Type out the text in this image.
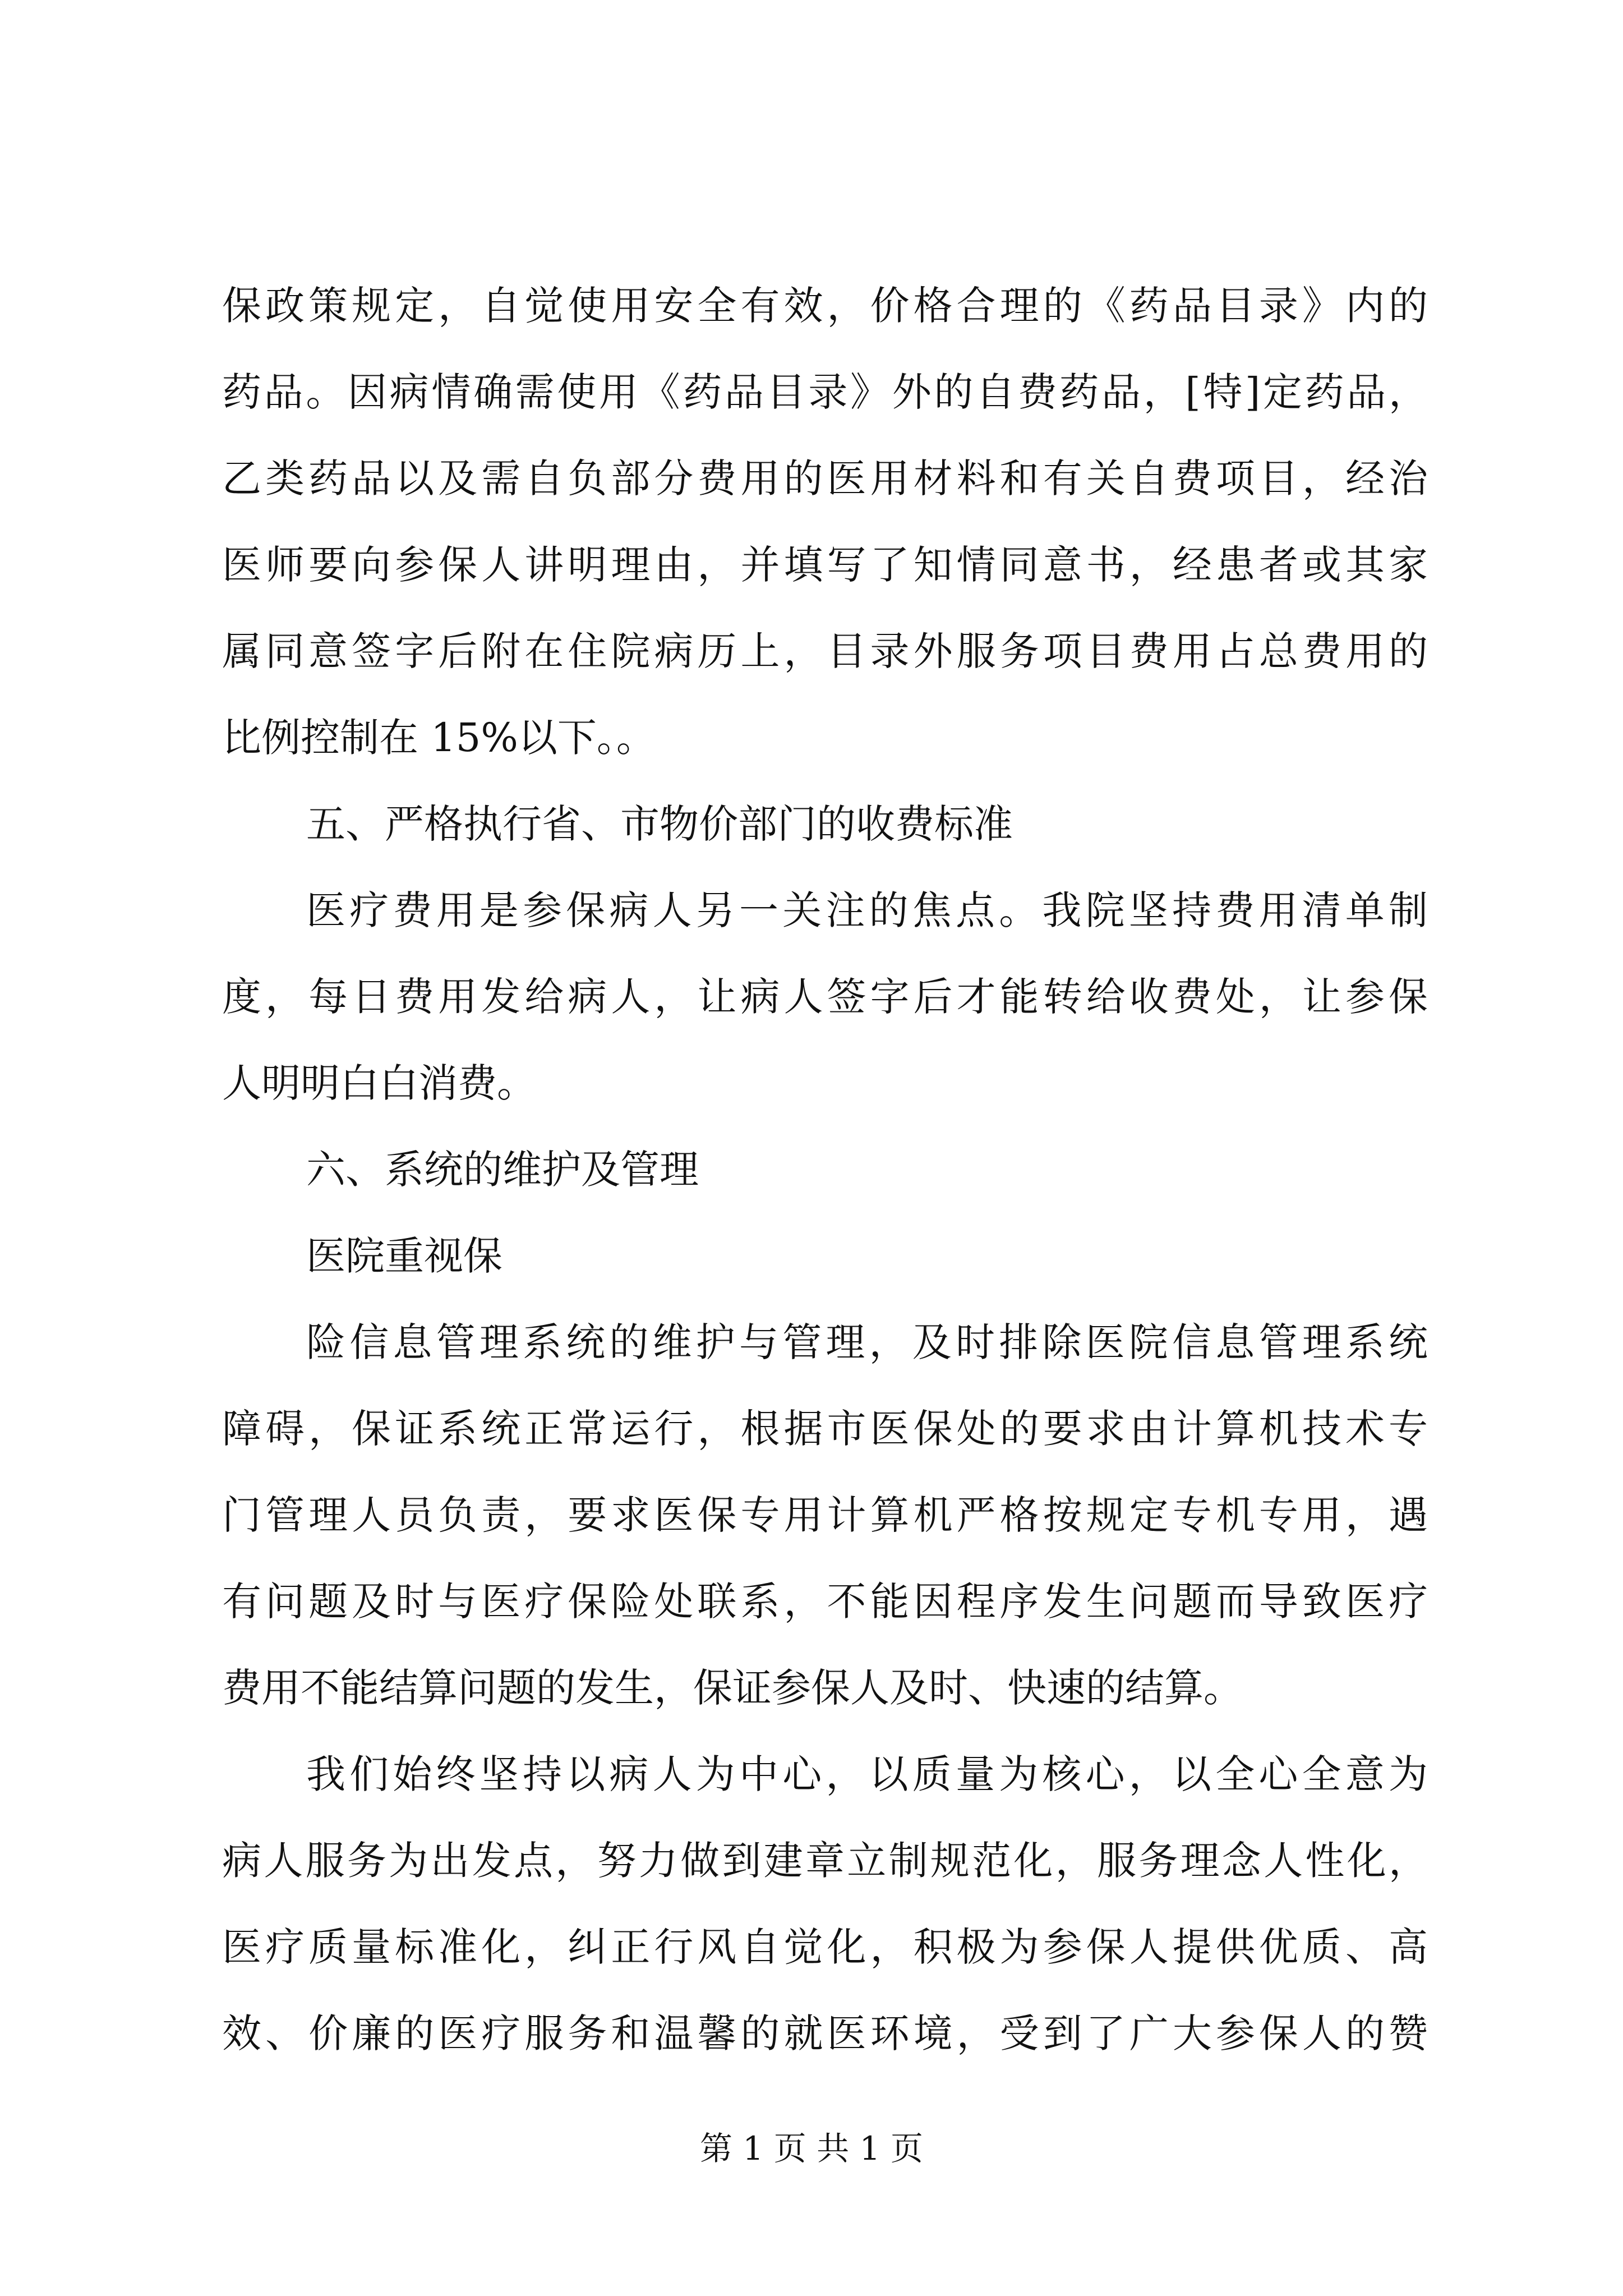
保政策规定，自觉使用安全有效，价格合理的《药品目录》内的
药品。因病情确需使用《药品目录》外的自费药品，[特]定药品，
乙类药品以及需自负部分费用的医用材料和有关自费项目，经治
医师要向参保人讲明理由，并填写了知情同意书，经患者或其家
属同意签字后附在住院病历上，目录外服务项目费用占总费用的
比例控制在 15%以下。。
五、严格执行省、市物价部门的收费标准
医疗费用是参保病人另一关注的焦点。我院坚持费用清单制
度，每日费用发给病人，让病人签字后才能转给收费处，让参保
人明明白白消费。
六、系统的维护及管理
医院重视保
险信息管理系统的维护与管理，及时排除医院信息管理系统
障碍，保证系统正常运行，根据市医保处的要求由计算机技术专
门管理人员负责，要求医保专用计算机严格按规定专机专用，遇
有问题及时与医疗保险处联系，不能因程序发生问题而导致医疗
费用不能结算问题的发生，保证参保人及时、快速的结算。
我们始终坚持以病人为中心，以质量为核心，以全心全意为
病人服务为出发点，努力做到建章立制规范化，服务理念人性化，
医疗质量标准化，纠正行风自觉化，积极为参保人提供优质、高
效、价廉的医疗服务和温馨的就医环境，受到了广大参保人的赞
第 1 页 共 1 页
